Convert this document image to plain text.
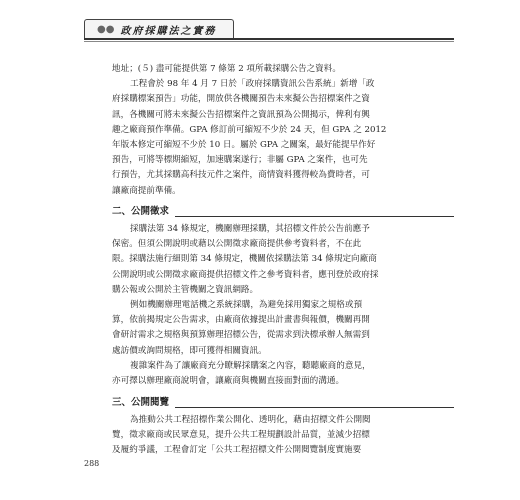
●● 政府採購法之實務
地址；(５) 盡可能提供第 7 條第 2 項所載採購公告之資料。
工程會於 98 年 4 月 7 日於「政府採購資訊公告系統」新增「政
府採購標案預告」功能，開放供各機關預告未來擬公告招標案件之資
訊，各機關可將未來擬公告招標案件之資訊預為公開揭示，俾利有興
趣之廠商預作準備。GPA 修訂前可縮短不少於 24 天，但 GPA 之 2012
年版本修定可縮短不少於 10 日。屬於 GPA 之關案，最好能提早作好
預告，可將等標期縮短，加速購案遂行；非屬 GPA 之案件，也可先
行預告，尤其採購高科技元件之案件，商情資料獲得較為費時者，可
讓廠商提前準備。
二、公開徵求
採購法第 34 條規定，機關辦理採購，其招標文件於公告前應予
保密。但須公開說明或藉以公開徵求廠商提供參考資料者，不在此
限。採購法施行細則第 34 條規定，機關依採購法第 34 條規定向廠商
公開說明或公開徵求廠商提供招標文件之參考資料者，應刊登於政府採
購公報或公開於主管機關之資訊網路。
例如機關辦理電話機之系統採購，為避免採用獨家之規格或預
算，依前揭規定公告需求，由廠商依據提出計畫書與報價，機關再開
會研討需求之規格與預算辦理招標公告，從需求到決標承辦人無需到
處訪價或詢問規格，即可獲得相關資訊。
複雜案件為了讓廠商充分瞭解採購案之內容，聽聽廠商的意見，
亦可擇以辦理廠商說明會，讓廠商與機關直接面對面的溝通。
三、公開閱覽
為推動公共工程招標作業公開化、透明化，藉由招標文件公開閱
覽，徵求廠商或民眾意見，提升公共工程規劃設計品質，並減少招標
及履約爭議，工程會訂定「公共工程招標文件公開閱覽制度實施要
288
